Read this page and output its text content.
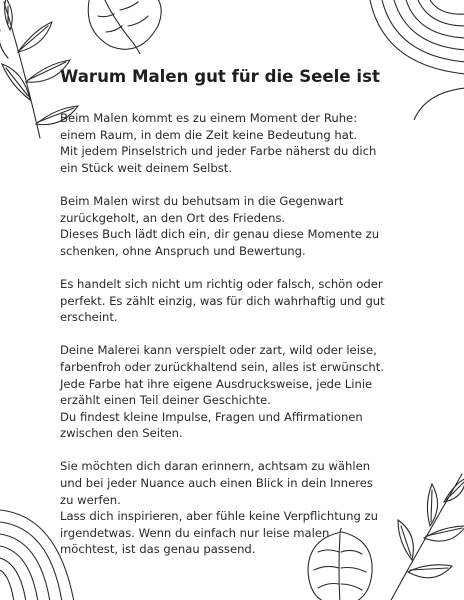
Warum Malen gut für die Seele ist

Beim Malen kommt es zu einem Moment der Ruhe:
einem Raum, in dem die Zeit keine Bedeutung hat.
Mit jedem Pinselstrich und jeder Farbe näherst du dich
ein Stück weit deinem Selbst.

Beim Malen wirst du behutsam in die Gegenwart
zurückgeholt, an den Ort des Friedens.
Dieses Buch lädt dich ein, dir genau diese Momente zu
schenken, ohne Anspruch und Bewertung.

Es handelt sich nicht um richtig oder falsch, schön oder
perfekt. Es zählt einzig, was für dich wahrhaftig und gut
erscheint.

Deine Malerei kann verspielt oder zart, wild oder leise,
farbenfroh oder zurückhaltend sein, alles ist erwünscht.
Jede Farbe hat ihre eigene Ausdrucksweise, jede Linie
erzählt einen Teil deiner Geschichte.
Du findest kleine Impulse, Fragen und Affirmationen
zwischen den Seiten.

Sie möchten dich daran erinnern, achtsam zu wählen
und bei jeder Nuance auch einen Blick in dein Inneres
zu werfen.
Lass dich inspirieren, aber fühle keine Verpflichtung zu
irgendetwas. Wenn du einfach nur leise malen
möchtest, ist das genau passend.
